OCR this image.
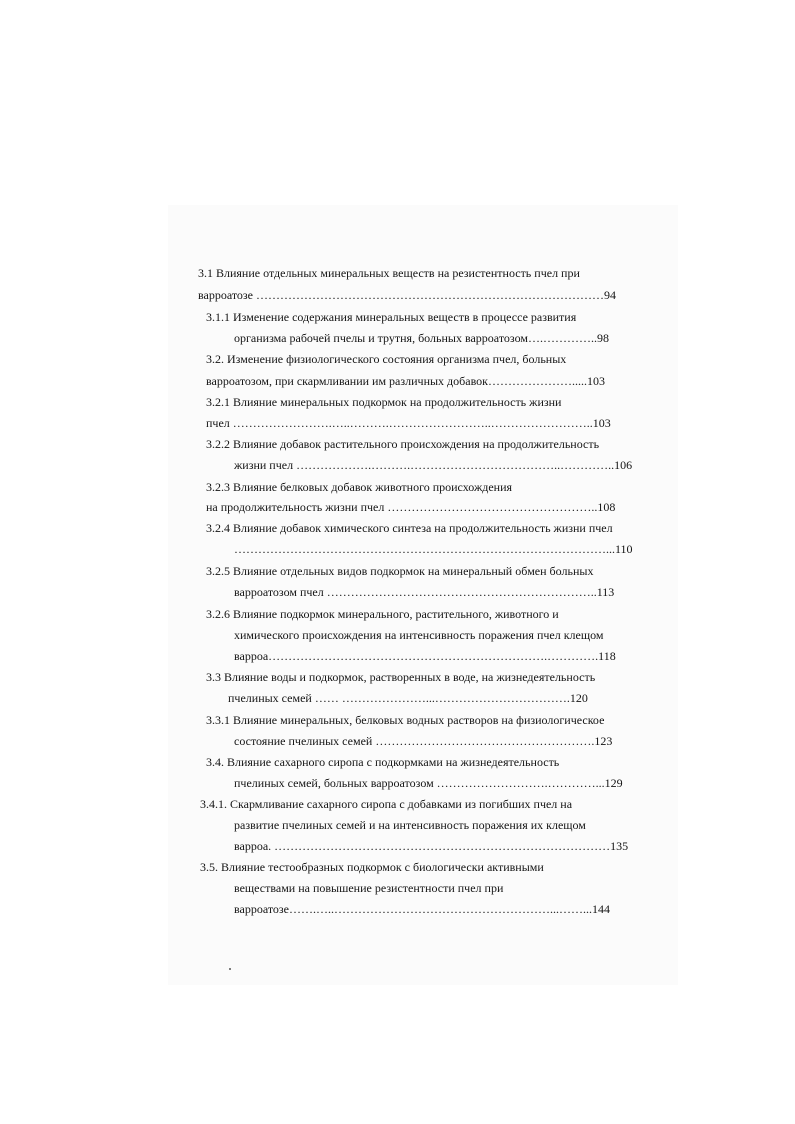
3.1 Влияние отдельных минеральных веществ на резистентность пчел при

варроатозе ……………………………………………………………………………94

3.1.1 Изменение содержания минеральных веществ в процессе развития

организма рабочей пчелы и трутня, больных варроатозом….…………..98

3.2. Изменение физиологического состояния организма пчел, больных

варроатозом, при скармливании им различных добавок………………….....103

3.2.1 Влияние минеральных подкормок на продолжительность жизни

пчел …………………….…..……….……………………..……………………..103

3.2.2 Влияние добавок растительного происхождения на продолжительность

жизни пчел ……………….……….………………………………..…………..106

3.2.3 Влияние белковых добавок животного происхождения

на продолжительность жизни пчел ……………………………………………..108

3.2.4 Влияние добавок химического синтеза на продолжительность жизни пчел

…………………………………………………………………………………...110

3.2.5 Влияние отдельных видов подкормок на минеральный обмен больных

варроатозом пчел …………………………………………………………..113

3.2.6 Влияние подкормок минерального, растительного, животного и

химического происхождения на интенсивность поражения пчел клещом

варроа…………………………………………………………….………….118

3.3 Влияние воды и подкормок, растворенных в воде, на жизнедеятельность

пчелиных семей …… …………………...…………………………….120

3.3.1 Влияние минеральных, белковых водных растворов на физиологическое

состояние пчелиных семей ……………………………………………….123

3.4. Влияние сахарного сиропа с подкормками на жизнедеятельность

пчелиных семей, больных варроатозом ……………………….…………...129

3.4.1. Скармливание сахарного сиропа с добавками из погибших пчел на

развитие пчелиных семей и на интенсивность поражения их клещом

варроа. …………………………………………………………………………135

3.5. Влияние тестообразных подкормок с биологически активными

веществами на повышение резистентности пчел при

варроатозе…….…..………………………………………………...……...144
